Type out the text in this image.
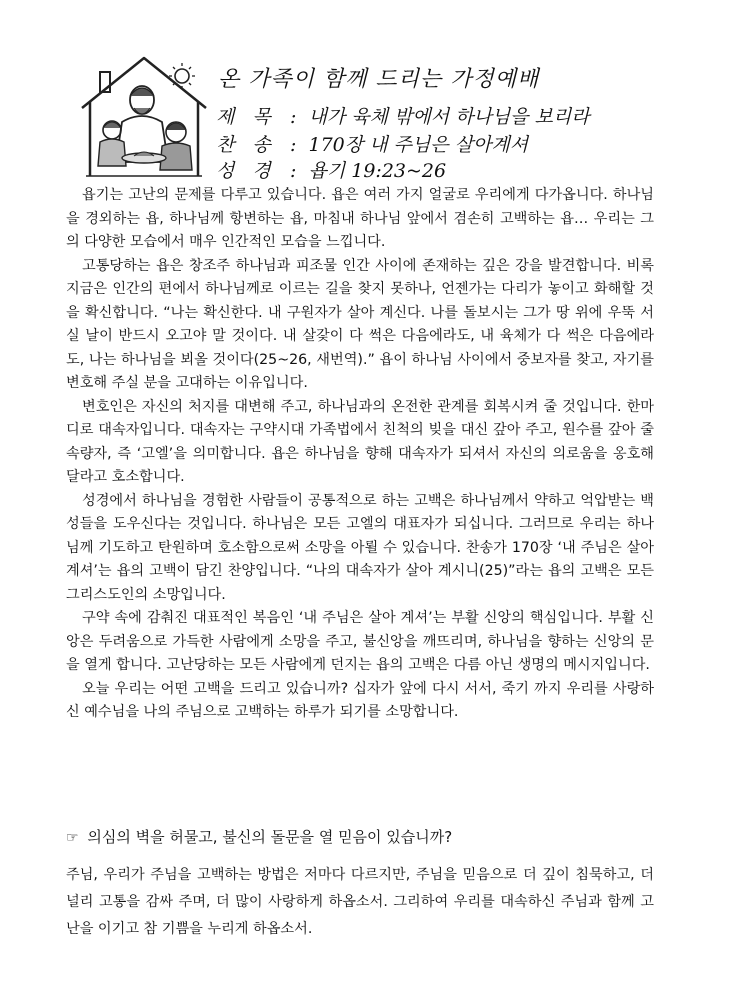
온 가족이 함께 드리는 가정예배
제 목 : 내가 육체 밖에서 하나님을 보리라
찬 송 : 170장 내 주님은 살아계셔
성 경 : 욥기 19:23~26

욥기는 고난의 문제를 다루고 있습니다. 욥은 여러 가지 얼굴로 우리에게 다가옵니다. 하나님을 경외하는 욥, 하나님께 항변하는 욥, 마침내 하나님 앞에서 겸손히 고백하는 욥… 우리는 그의 다양한 모습에서 매우 인간적인 모습을 느낍니다.

고통당하는 욥은 창조주 하나님과 피조물 인간 사이에 존재하는 깊은 강을 발견합니다. 비록 지금은 인간의 편에서 하나님께로 이르는 길을 찾지 못하나, 언젠가는 다리가 놓이고 화해할 것을 확신합니다. “나는 확신한다. 내 구원자가 살아 계신다. 나를 돌보시는 그가 땅 위에 우뚝 서실 날이 반드시 오고야 말 것이다. 내 살갗이 다 썩은 다음에라도, 내 육체가 다 썩은 다음에라도, 나는 하나님을 뵈올 것이다(25~26, 새번역).” 욥이 하나님 사이에서 중보자를 찾고, 자기를 변호해 주실 분을 고대하는 이유입니다.

변호인은 자신의 처지를 대변해 주고, 하나님과의 온전한 관계를 회복시켜 줄 것입니다. 한마디로 대속자입니다. 대속자는 구약시대 가족법에서 친척의 빚을 대신 갚아 주고, 원수를 갚아 줄 속량자, 즉 ‘고엘’을 의미합니다. 욥은 하나님을 향해 대속자가 되셔서 자신의 의로움을 옹호해 달라고 호소합니다.

성경에서 하나님을 경험한 사람들이 공통적으로 하는 고백은 하나님께서 약하고 억압받는 백성들을 도우신다는 것입니다. 하나님은 모든 고엘의 대표자가 되십니다. 그러므로 우리는 하나님께 기도하고 탄원하며 호소함으로써 소망을 아뢸 수 있습니다. 찬송가 170장 ‘내 주님은 살아 계셔’는 욥의 고백이 담긴 찬양입니다. “나의 대속자가 살아 계시니(25)”라는 욥의 고백은 모든 그리스도인의 소망입니다.

구약 속에 감춰진 대표적인 복음인 ‘내 주님은 살아 계셔’는 부활 신앙의 핵심입니다. 부활 신앙은 두려움으로 가득한 사람에게 소망을 주고, 불신앙을 깨뜨리며, 하나님을 향하는 신앙의 문을 열게 합니다. 고난당하는 모든 사람에게 던지는 욥의 고백은 다름 아닌 생명의 메시지입니다.

오늘 우리는 어떤 고백을 드리고 있습니까? 십자가 앞에 다시 서서, 죽기 까지 우리를 사랑하신 예수님을 나의 주님으로 고백하는 하루가 되기를 소망합니다.

☞ 의심의 벽을 허물고, 불신의 돌문을 열 믿음이 있습니까?
주님, 우리가 주님을 고백하는 방법은 저마다 다르지만, 주님을 믿음으로 더 깊이 침묵하고, 더 널리 고통을 감싸 주며, 더 많이 사랑하게 하옵소서. 그리하여 우리를 대속하신 주님과 함께 고난을 이기고 참 기쁨을 누리게 하옵소서.
